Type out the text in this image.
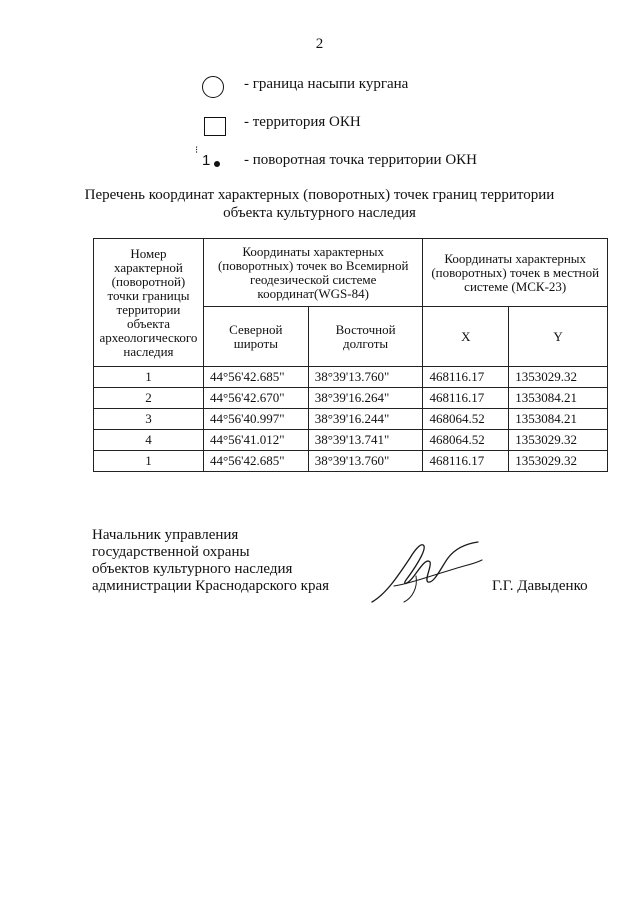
2
- граница насыпи кургана
- территория ОКН
⁝
1 - поворотная точка территории ОКН
Перечень координат характерных (поворотных) точек границ территории
объекта культурного наследия
Номер характерной (поворотной) точки границы территории объекта археологического наследия	Координаты характерных (поворотных) точек во Всемирной геодезической системе координат(WGS-84)		Координаты характерных (поворотных) точек в местной системе (МСК-23)	
	Северной широты	Восточной долготы	X	Y
1	44°56'42.685"	38°39'13.760"	468116.17	1353029.32
2	44°56'42.670"	38°39'16.264"	468116.17	1353084.21
3	44°56'40.997"	38°39'16.244"	468064.52	1353084.21
4	44°56'41.012"	38°39'13.741"	468064.52	1353029.32
1	44°56'42.685"	38°39'13.760"	468116.17	1353029.32
Начальник управления
государственной охраны
объектов культурного наследия
администрации Краснодарского края	Г.Г. Давыденко
